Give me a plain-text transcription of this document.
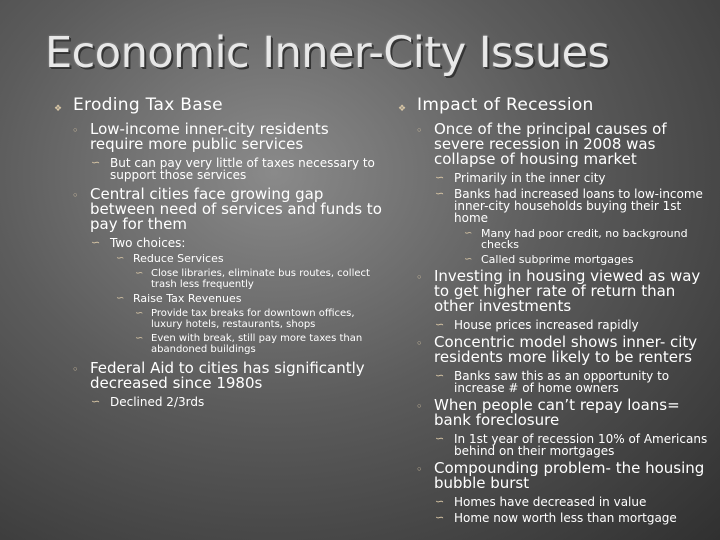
Economic Inner-City Issues
❖ Eroding Tax Base
◦ Low-income inner-city residents require more public services
∽ But can pay very little of taxes necessary to support those services
◦ Central cities face growing gap between need of services and funds to pay for them
∽ Two choices:
∽ Reduce Services
∽ Close libraries, eliminate bus routes, collect trash less frequently
∽ Raise Tax Revenues
∽ Provide tax breaks for downtown offices, luxury hotels, restaurants, shops
∽ Even with break, still pay more taxes than abandoned buildings
◦ Federal Aid to cities has significantly decreased since 1980s
∽ Declined 2/3rds
❖ Impact of Recession
◦ Once of the principal causes of severe recession in 2008 was collapse of housing market
∽ Primarily in the inner city
∽ Banks had increased loans to low-income inner-city households buying their 1st home
∽ Many had poor credit, no background checks
∽ Called subprime mortgages
◦ Investing in housing viewed as way to get higher rate of return than other investments
∽ House prices increased rapidly
◦ Concentric model shows inner- city residents more likely to be renters
∽ Banks saw this as an opportunity to increase # of home owners
◦ When people can’t repay loans= bank foreclosure
∽ In 1st year of recession 10% of Americans behind on their mortgages
◦ Compounding problem- the housing bubble burst
∽ Homes have decreased in value
∽ Home now worth less than mortgage
